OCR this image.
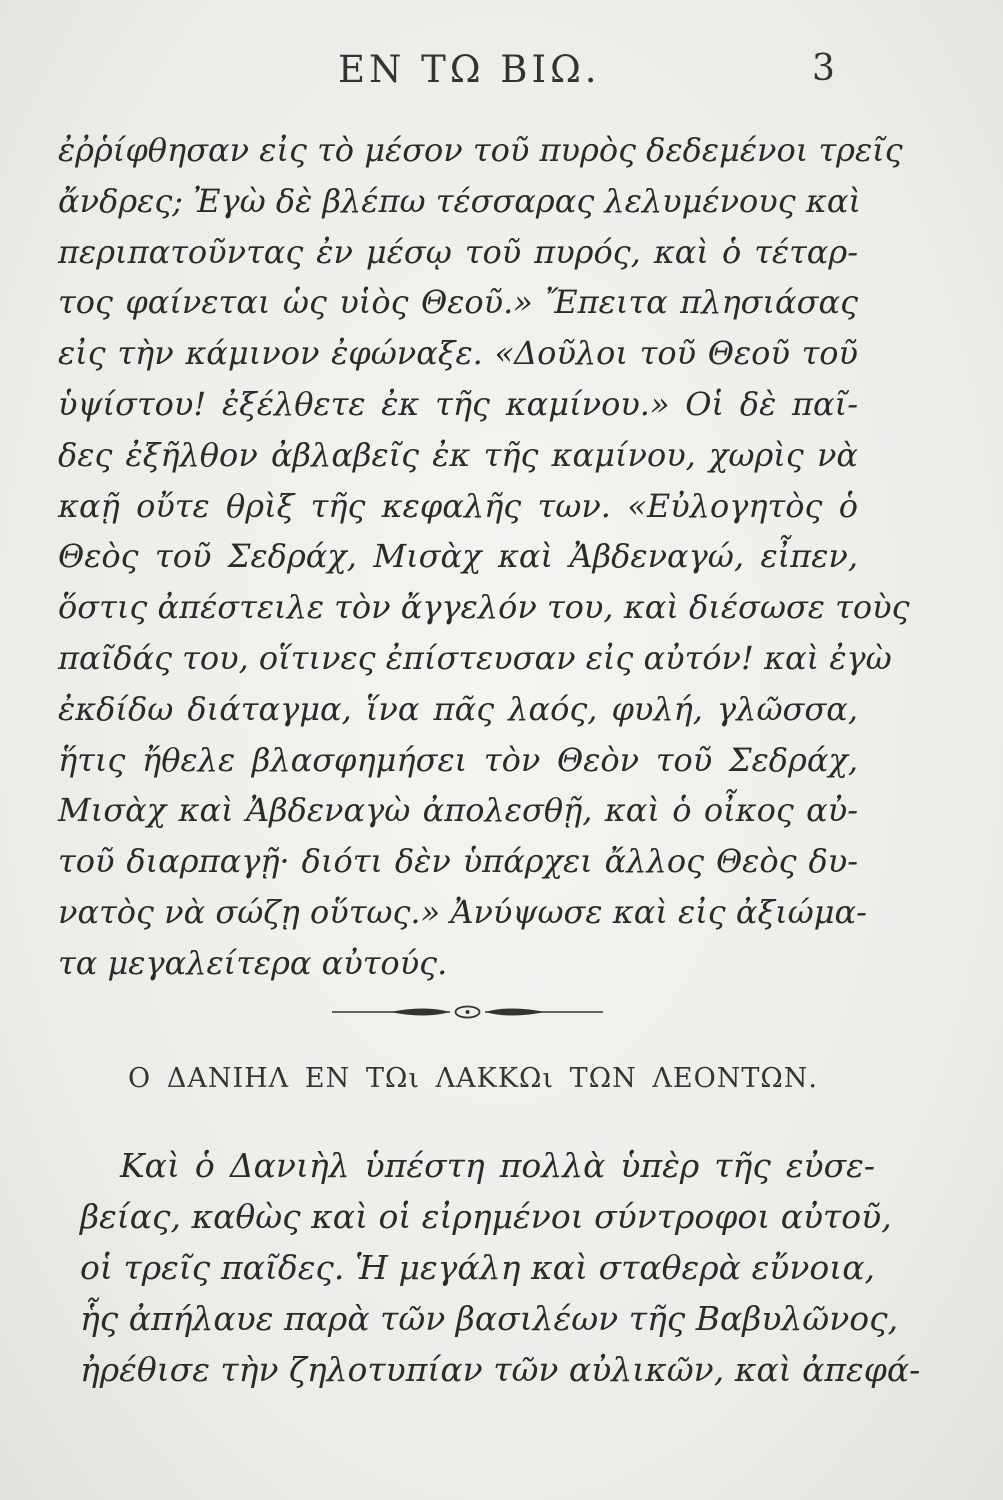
ΕΝ ΤΩ ΒΙΩ.	3
ἐῤῥίφθησαν εἰς τὸ μέσον τοῦ πυρὸς δεδεμένοι τρεῖς
ἄνδρες; Ἐγὼ δὲ βλέπω τέσσαρας λελυμένους καὶ
περιπατοῦντας ἐν μέσῳ τοῦ πυρός, καὶ ὁ τέταρ-
τος φαίνεται ὡς υἱὸς Θεοῦ.» Ἔπειτα πλησιάσας
εἰς τὴν κάμινον ἐφώναξε. «Δοῦλοι τοῦ Θεοῦ τοῦ
ὑψίστου! ἐξέλθετε ἐκ τῆς καμίνου.» Οἱ δὲ παῖ-
δες ἐξῆλθον ἀβλαβεῖς ἐκ τῆς καμίνου, χωρὶς νὰ
καῇ οὔτε θρὶξ τῆς κεφαλῆς των. «Εὐλογητὸς ὁ
Θεὸς τοῦ Σεδράχ, Μισὰχ καὶ Ἀβδεναγώ, εἶπεν,
ὅστις ἀπέστειλε τὸν ἄγγελόν του, καὶ διέσωσε τοὺς
παῖδάς του, οἵτινες ἐπίστευσαν εἰς αὐτόν! καὶ ἐγὼ
ἐκδίδω διάταγμα, ἵνα πᾶς λαός, φυλή, γλῶσσα,
ἥτις ἤθελε βλασφημήσει τὸν Θεὸν τοῦ Σεδράχ,
Μισὰχ καὶ Ἀβδεναγὼ ἀπολεσθῇ, καὶ ὁ οἶκος αὐ-
τοῦ διαρπαγῇ· διότι δὲν ὑπάρχει ἄλλος Θεὸς δυ-
νατὸς νὰ σώζῃ οὕτως.» Ἀνύψωσε καὶ εἰς ἀξιώμα-
τα μεγαλείτερα αὐτούς.
Ο ΔΑΝΙΗΛ ΕΝ ΤΩι ΛΑΚΚΩι ΤΩΝ ΛΕΟΝΤΩΝ.
Καὶ ὁ Δανιὴλ ὑπέστη πολλὰ ὑπὲρ τῆς εὐσε-
βείας, καθὼς καὶ οἱ εἰρημένοι σύντροφοι αὐτοῦ,
οἱ τρεῖς παῖδες. Ἡ μεγάλη καὶ σταθερὰ εὔνοια,
ἧς ἀπήλαυε παρὰ τῶν βασιλέων τῆς Βαβυλῶνος,
ἠρέθισε τὴν ζηλοτυπίαν τῶν αὐλικῶν, καὶ ἀπεφά-
